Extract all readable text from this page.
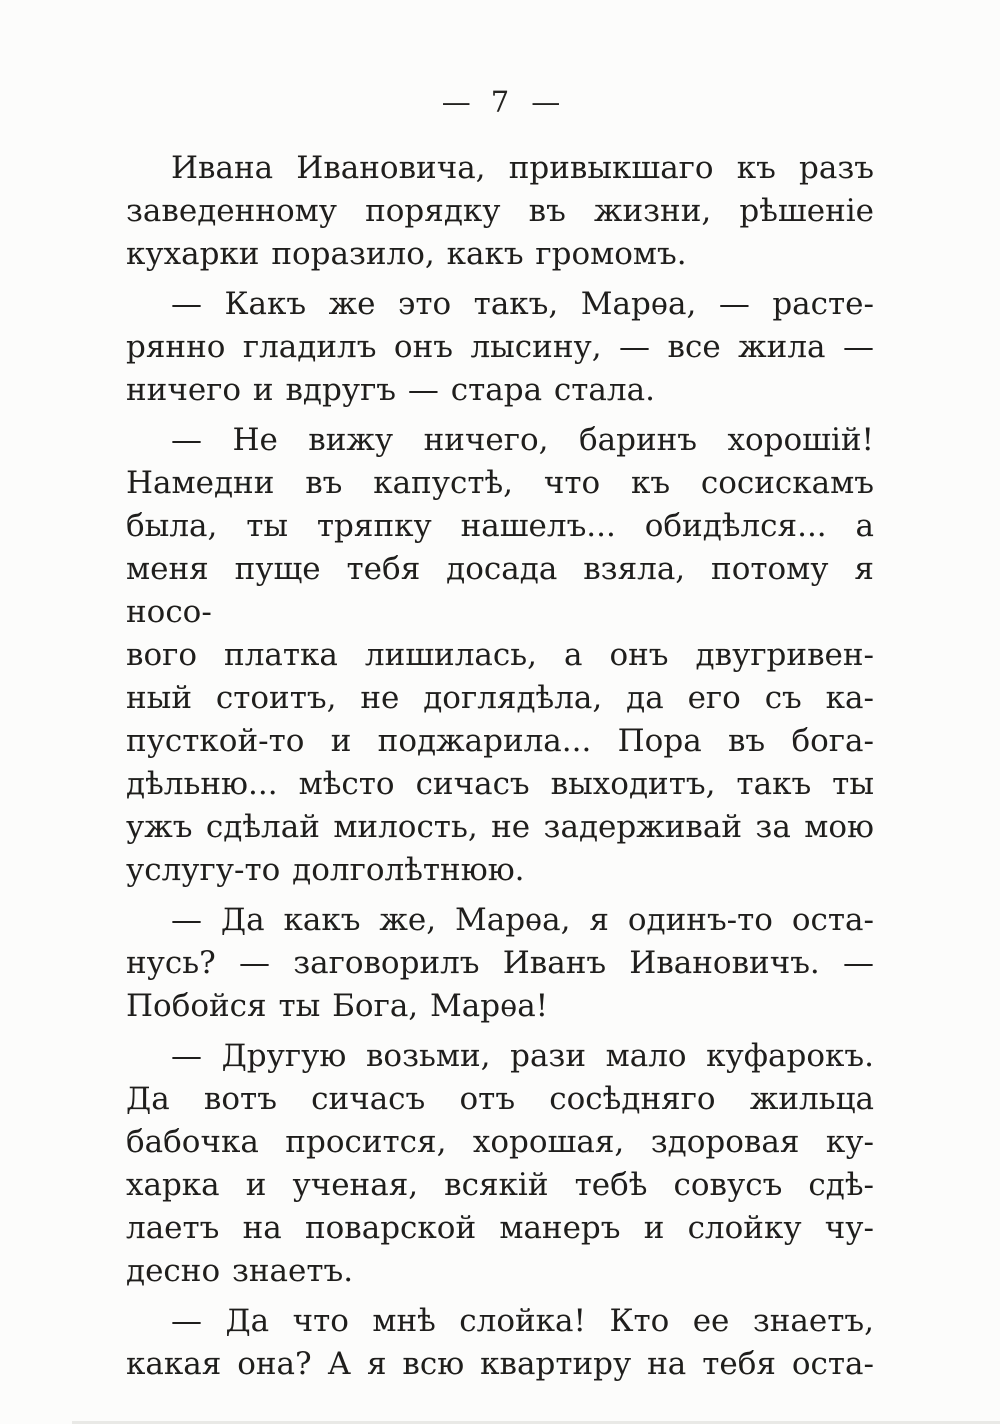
— 7 —
Ивана Ивановича, привыкшаго къ разъ
заведенному порядку въ жизни, рѣшеніе
кухарки поразило, какъ громомъ.
— Какъ же это такъ, Марѳа, — расте-
рянно гладилъ онъ лысину, — все жила —
ничего и вдругъ — стара стала.
— Не вижу ничего, баринъ хорошій!
Намедни въ капустѣ, что къ сосискамъ
была, ты тряпку нашелъ... обидѣлся... а
меня пуще тебя досада взяла, потому я носо-
вого платка лишилась, а онъ двугривен-
ный стоитъ, не доглядѣла, да его съ ка-
пусткой-то и поджарила... Пора въ бога-
дѣльню... мѣсто сичасъ выходитъ, такъ ты
ужъ сдѣлай милость, не задерживай за мою
услугу-то долголѣтнюю.
— Да какъ же, Марѳа, я одинъ-то оста-
нусь? — заговорилъ Иванъ Ивановичъ. —
Побойся ты Бога, Марѳа!
— Другую возьми, рази мало куфарокъ.
Да вотъ сичасъ отъ сосѣдняго жильца
бабочка просится, хорошая, здоровая ку-
харка и ученая, всякій тебѣ совусъ сдѣ-
лаетъ на поварской манеръ и слойку чу-
десно знаетъ.
— Да что мнѣ слойка! Кто ее знаетъ,
какая она? А я всю квартиру на тебя оста-
